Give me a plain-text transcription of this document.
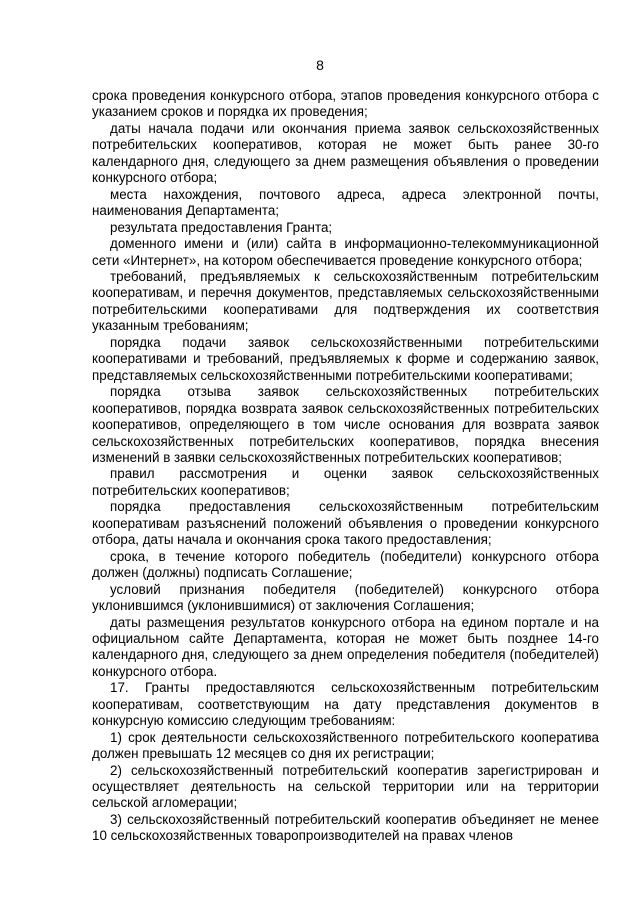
8

срока проведения конкурсного отбора, этапов проведения конкурсного отбора с указанием сроков и порядка их проведения;

даты начала подачи или окончания приема заявок сельскохозяйственных потребительских кооперативов, которая не может быть ранее 30-го календарного дня, следующего за днем размещения объявления о проведении конкурсного отбора;

места нахождения, почтового адреса, адреса электронной почты, наименования Департамента;

результата предоставления Гранта;

доменного имени и (или) сайта в информационно-телекоммуникационной сети «Интернет», на котором обеспечивается проведение конкурсного отбора;

требований, предъявляемых к сельскохозяйственным потребительским кооперативам, и перечня документов, представляемых сельскохозяйственными потребительскими кооперативами для подтверждения их соответствия указанным требованиям;

порядка подачи заявок сельскохозяйственными потребительскими кооперативами и требований, предъявляемых к форме и содержанию заявок, представляемых сельскохозяйственными потребительскими кооперативами;

порядка отзыва заявок сельскохозяйственных потребительских кооперативов, порядка возврата заявок сельскохозяйственных потребительских кооперативов, определяющего в том числе основания для возврата заявок сельскохозяйственных потребительских кооперативов, порядка внесения изменений в заявки сельскохозяйственных потребительских кооперативов;

правил рассмотрения и оценки заявок сельскохозяйственных потребительских кооперативов;

порядка предоставления сельскохозяйственным потребительским кооперативам разъяснений положений объявления о проведении конкурсного отбора, даты начала и окончания срока такого предоставления;

срока, в течение которого победитель (победители) конкурсного отбора должен (должны) подписать Соглашение;

условий признания победителя (победителей) конкурсного отбора уклонившимся (уклонившимися) от заключения Соглашения;

даты размещения результатов конкурсного отбора на едином портале и на официальном сайте Департамента, которая не может быть позднее 14-го календарного дня, следующего за днем определения победителя (победителей) конкурсного отбора.

17. Гранты предоставляются сельскохозяйственным потребительским кооперативам, соответствующим на дату представления документов в конкурсную комиссию следующим требованиям:

1) срок деятельности сельскохозяйственного потребительского кооператива должен превышать 12 месяцев со дня их регистрации;

2) сельскохозяйственный потребительский кооператив зарегистрирован и осуществляет деятельность на сельской территории или на территории сельской агломерации;

3) сельскохозяйственный потребительский кооператив объединяет не менее 10 сельскохозяйственных товаропроизводителей на правах членов
